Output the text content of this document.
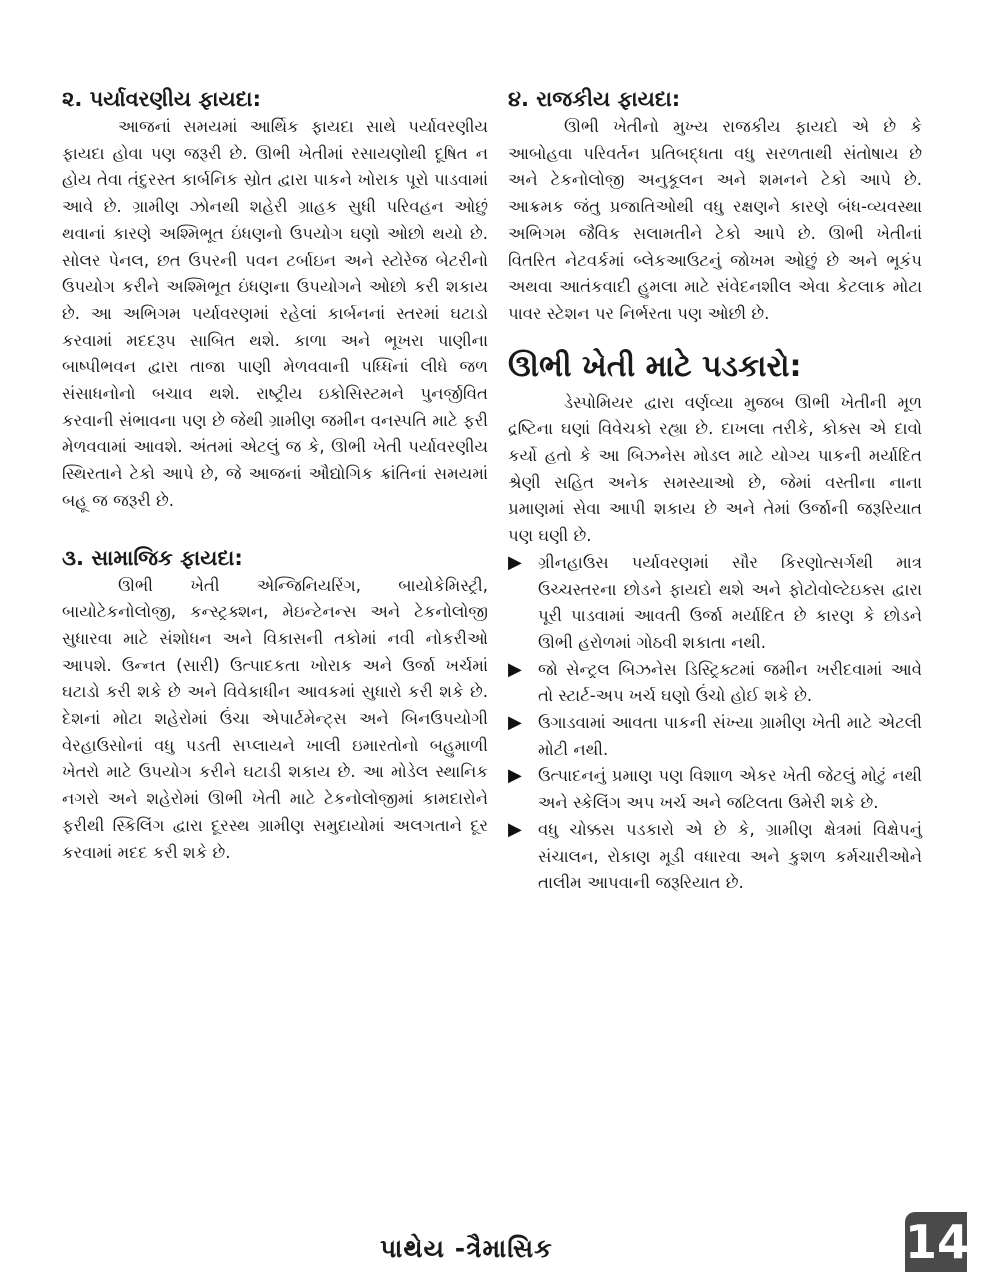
૨. પર્યાવરણીય ફાયદા:

આજનાં સમયમાં આર્થિક ફાયદા સાથે પર્યાવરણીય ફાયદા હોવા પણ જરૂરી છે. ઊભી ખેતીમાં રસાયણોથી દૂષિત ન હોય તેવા તંદુરસ્ત કાર્બનિક સ્રોત દ્વારા પાકને ખોરાક પૂરો પાડવામાં આવે છે. ગ્રામીણ ઝોનથી શહેરી ગ્રાહક સુધી પરિવહન ઓછું થવાનાં કારણે અશ્મિભૂત ઇંધણનો ઉપયોગ ઘણો ઓછો થયો છે. સોલર પેનલ, છત ઉપરની પવન ટર્બાઇન અને સ્ટોરેજ બેટરીનો ઉપયોગ કરીને અશ્મિભૂત ઇંધણના ઉપયોગને ઓછો કરી શકાય છે. આ અભિગમ પર્યાવરણમાં રહેલાં કાર્બનનાં સ્તરમાં ઘટાડો કરવામાં મદદરૂપ સાબિત થશે. કાળા અને ભૂખરા પાણીના બાષ્પીભવન દ્વારા તાજા પાણી મેળવવાની પધ્ધિનાં લીધે જળ સંસાધનોનો બચાવ થશે. રાષ્ટ્રીય ઇકોસિસ્ટમને પુનર્જીવિત કરવાની સંભાવના પણ છે જેથી ગ્રામીણ જમીન વનસ્પતિ માટે ફરી મેળવવામાં આવશે. અંતમાં એટલું જ કે, ઊભી ખેતી પર્યાવરણીય સ્થિરતાને ટેકો આપે છે, જે આજનાં ઔદ્યોગિક ક્રાંતિનાં સમયમાં બહૂ જ જરૂરી છે.

૩. સામાજિક ફાયદા:

ઊભી ખેતી એન્જિનિયરિંગ, બાયોકેમિસ્ટ્રી, બાયોટેકનોલોજી, કન્સ્ટ્રક્શન, મેઇન્ટેનન્સ અને ટેકનોલોજી સુધારવા માટે સંશોધન અને વિકાસની તકોમાં નવી નોકરીઓ આપશે. ઉન્નત (સારી) ઉત્પાદકતા ખોરાક અને ઉર્જા ખર્ચમાં ઘટાડો કરી શકે છે અને વિવેકાધીન આવકમાં સુધારો કરી શકે છે. દેશનાં મોટા શહેરોમાં ઉંચા એપાર્ટમેન્ટ્સ અને બિનઉપયોગી વેરહાઉસોનાં વધુ પડતી સપ્લાયને ખાલી ઇમારતોનો બહુમાળી ખેતરો માટે ઉપયોગ કરીને ઘટાડી શકાય છે. આ મોડેલ સ્થાનિક નગરો અને શહેરોમાં ઊભી ખેતી માટે ટેકનોલોજીમાં કામદારોને ફરીથી સ્કિલિંગ દ્વારા દૂરસ્થ ગ્રામીણ સમુદાયોમાં અલગતાને દૂર કરવામાં મદદ કરી શકે છે.

૪. રાજકીય ફાયદા:

ઊભી ખેતીનો મુખ્ય રાજકીય ફાયદો એ છે કે આબોહવા પરિવર્તન પ્રતિબદ્ધતા વધુ સરળતાથી સંતોષાય છે અને ટેકનોલોજી અનુકૂલન અને શમનને ટેકો આપે છે. આક્રમક જંતુ પ્રજાતિઓથી વધુ રક્ષણને કારણે બંધ-વ્યવસ્થા અભિગમ જૈવિક સલામતીને ટેકો આપે છે. ઊભી ખેતીનાં વિતરિત નેટવર્કમાં બ્લેકઆઉટનું જોખમ ઓછું છે અને ભૂકંપ અથવા આતંકવાદી હુમલા માટે સંવેદનશીલ એવા કેટલાક મોટા પાવર સ્ટેશન પર નિર્ભરતા પણ ઓછી છે.

ઊભી ખેતી માટે પડકારો:

ડેસ્પોમિયર દ્વારા વર્ણવ્યા મુજબ ઊભી ખેતીની મૂળ દ્રષ્ટિના ઘણાં વિવેચકો રહ્યા છે. દાખલા તરીકે, કોક્સ એ દાવો કર્યો હતો કે આ બિઝનેસ મોડલ માટે યોગ્ય પાકની મર્યાદિત શ્રેણી સહિત અનેક સમસ્યાઓ છે, જેમાં વસ્તીના નાના પ્રમાણમાં સેવા આપી શકાય છે અને તેમાં ઉર્જાની જરૂરિયાત પણ ઘણી છે.

▶ ગ્રીનહાઉસ પર્યાવરણમાં સૌર કિરણોત્સર્ગથી માત્ર ઉચ્ચસ્તરના છોડને ફાયદો થશે અને ફોટોવોલ્ટેઇક્સ દ્વારા પૂરી પાડવામાં આવતી ઉર્જા મર્યાદિત છે કારણ કે છોડને ઊભી હરોળમાં ગોઠવી શકાતા નથી.
▶ જો સેન્ટ્રલ બિઝનેસ ડિસ્ટ્રિક્ટમાં જમીન ખરીદવામાં આવે તો સ્ટાર્ટ-અપ ખર્ચ ઘણો ઉંચો હોઈ શકે છે.
▶ ઉગાડવામાં આવતા પાકની સંખ્યા ગ્રામીણ ખેતી માટે એટલી મોટી નથી.
▶ ઉત્પાદનનું પ્રમાણ પણ વિશાળ એકર ખેતી જેટલું મોટું નથી અને સ્કેલિંગ અપ ખર્ચ અને જટિલતા ઉમેરી શકે છે.
▶ વધુ ચોક્કસ પડકારો એ છે કે, ગ્રામીણ ક્ષેત્રમાં વિક્ષેપનું સંચાલન, રોકાણ મૂડી વધારવા અને કુશળ કર્મચારીઓને તાલીમ આપવાની જરૂરિયાત છે.
પાથેય -ત્રૈમાસિક	14
